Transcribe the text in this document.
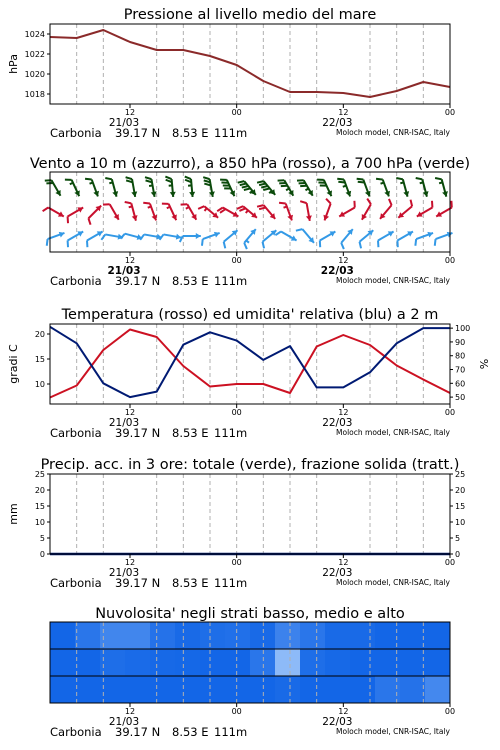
Pressione al livello medio del mare
1018
1020
1022
1024
hPa
12	00	12	00
21/03	22/03
Carbonia 39.17 N 8.53 E 111m	Moloch model, CNR-ISAC, Italy
Vento a 10 m (azzurro), a 850 hPa (rosso), a 700 hPa (verde)
12	00	12	00
21/03	22/03
Carbonia 39.17 N 8.53 E 111m	Moloch model, CNR-ISAC, Italy
Temperatura (rosso) ed umidita' relativa (blu) a 2 m
10
15
20
50
60
70
80
90
100
gradi C	%
12	00	12	00
21/03	22/03
Carbonia 39.17 N 8.53 E 111m	Moloch model, CNR-ISAC, Italy
Precip. acc. in 3 ore: totale (verde), frazione solida (tratt.)
0
5
10
15
20
25
0
5
10
15
20
25
mm
12	00	12	00
21/03	22/03
Carbonia 39.17 N 8.53 E 111m	Moloch model, CNR-ISAC, Italy
Nuvolosita' negli strati basso, medio e alto
12	00	12	00
21/03	22/03
Carbonia 39.17 N 8.53 E 111m	Moloch model, CNR-ISAC, Italy
